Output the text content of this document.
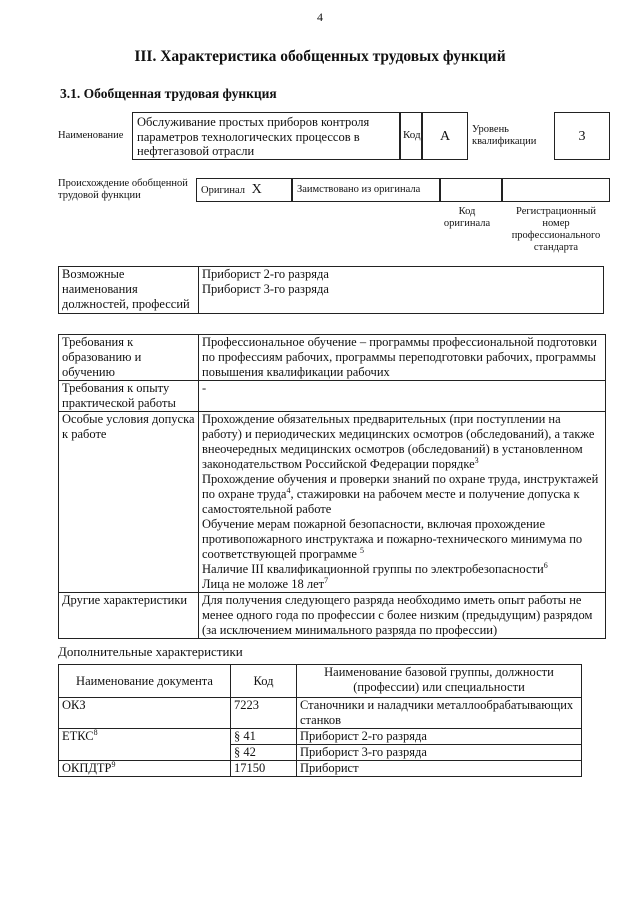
4
III. Характеристика обобщенных трудовых функций
3.1. Обобщенная трудовая функция
Наименование
Обслуживание простых приборов контроля параметров технологических процессов в нефтегазовой отрасли
Код	А	Уровень квалификации	3
Происхождение обобщенной трудовой функции	Оригинал X	Заимствовано из оригинала
Код оригинала
Регистрационный номер профессионального стандарта
Возможные наименования должностей, профессий	
Приборист 2-го разряда
Приборист 3-го разряда
Требования к образованию и обучению	Профессиональное обучение – программы профессиональной подготовки по профессиям рабочих, программы переподготовки рабочих, программы повышения квалификации рабочих
Требования к опыту практической работы	-
Особые условия допуска к работе	Прохождение обязательных предварительных (при поступлении на работу) и периодических медицинских осмотров (обследований), а также внеочередных медицинских осмотров (обследований) в установленном законодательством Российской Федерации порядке$^3$
Прохождение обучения и проверки знаний по охране труда, инструктажей по охране труда$^4$, стажировки на рабочем месте и получение допуска к самостоятельной работе
Обучение мерам пожарной безопасности, включая прохождение противопожарного инструктажа и пожарно-технического минимума по соответствующей программе $^5$
Наличие III квалификационной группы по электробезопасности$^6$
Лица не моложе 18 лет$^7$

Другие характеристики	Для получения следующего разряда необходимо иметь опыт работы не менее одного года по профессии с более низким (предыдущим) разрядом (за исключением минимального разряда по профессии)
Дополнительные характеристики
Наименование документа	Код	Наименование базовой группы, должности (профессии) или специальности
ОКЗ	7223	Станочники и наладчики металлообрабатывающих станков
ЕТКС$^8$	§ 41	Приборист 2-го разряда
	§ 42	Приборист 3-го разряда
ОКПДТР$^9$	17150	Приборист
